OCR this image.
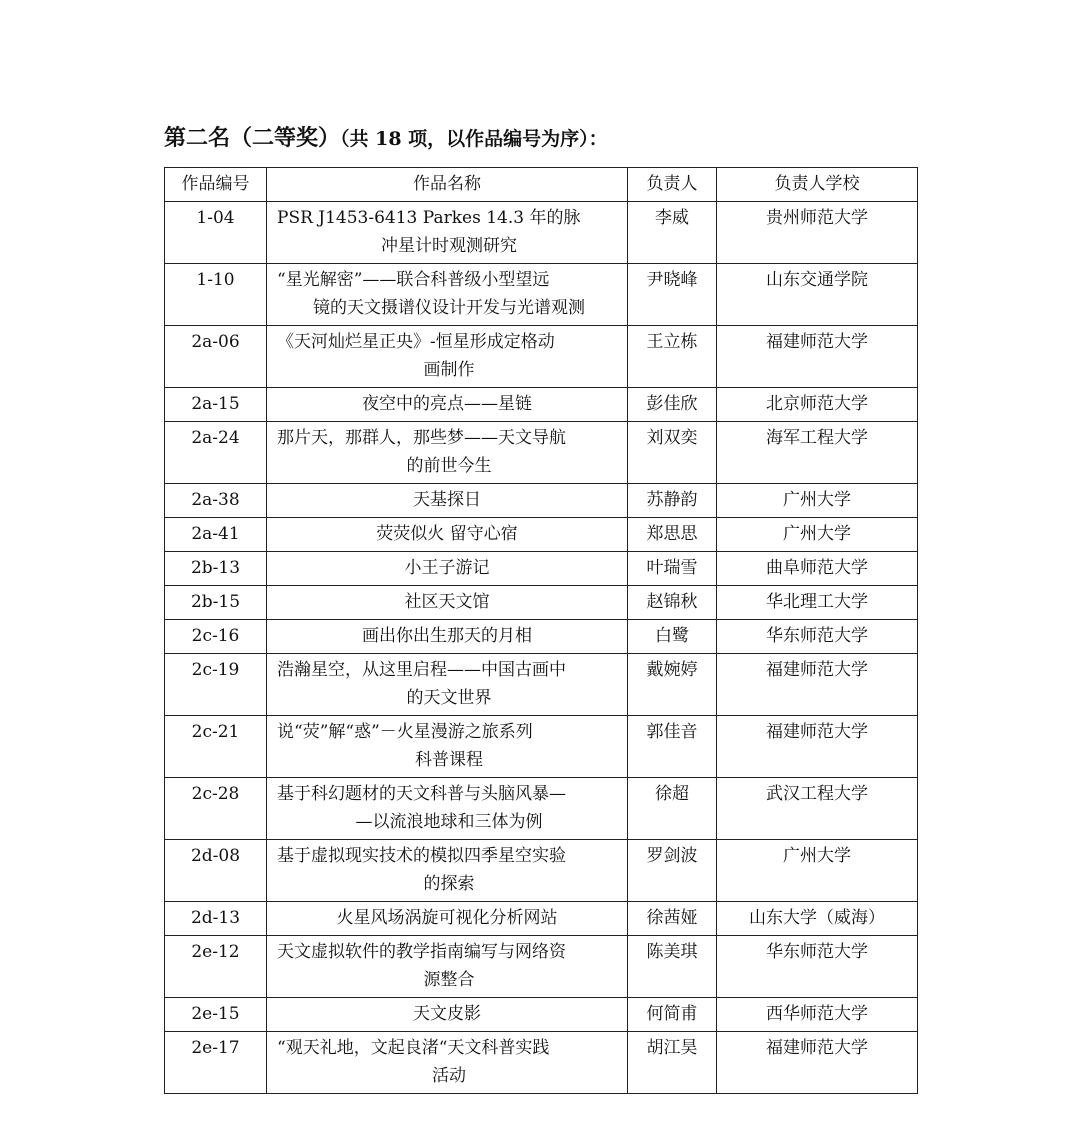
第二名（二等奖）（共 18 项，以作品编号为序）：
作品编号	作品名称	负责人	负责人学校
1-04	PSR J1453-6413 Parkes 14.3 年的脉
冲星计时观测研究	李威	贵州师范大学
1-10	“星光解密”——联合科普级小型望远
镜的天文摄谱仪设计开发与光谱观测	尹晓峰	山东交通学院
2a-06	《天河灿烂星正央》-恒星形成定格动
画制作	王立栋	福建师范大学
2a-15	夜空中的亮点——星链	彭佳欣	北京师范大学
2a-24	那片天，那群人，那些梦——天文导航
的前世今生	刘双奕	海军工程大学
2a-38	天基探日	苏静韵	广州大学
2a-41	荧荧似火 留守心宿	郑思思	广州大学
2b-13	小王子游记	叶瑞雪	曲阜师范大学
2b-15	社区天文馆	赵锦秋	华北理工大学
2c-16	画出你出生那天的月相	白鹭	华东师范大学
2c-19	浩瀚星空，从这里启程——中国古画中
的天文世界	戴婉婷	福建师范大学
2c-21	说“荧”解“惑”－火星漫游之旅系列
科普课程	郭佳音	福建师范大学
2c-28	基于科幻题材的天文科普与头脑风暴—
—以流浪地球和三体为例	徐超	武汉工程大学
2d-08	基于虚拟现实技术的模拟四季星空实验
的探索	罗剑波	广州大学
2d-13	火星风场涡旋可视化分析网站	徐茜娅	山东大学（威海）
2e-12	天文虚拟软件的教学指南编写与网络资
源整合	陈美琪	华东师范大学
2e-15	天文皮影	何简甫	西华师范大学
2e-17	“观天礼地，文起良渚“天文科普实践
活动	胡江昊	福建师范大学
